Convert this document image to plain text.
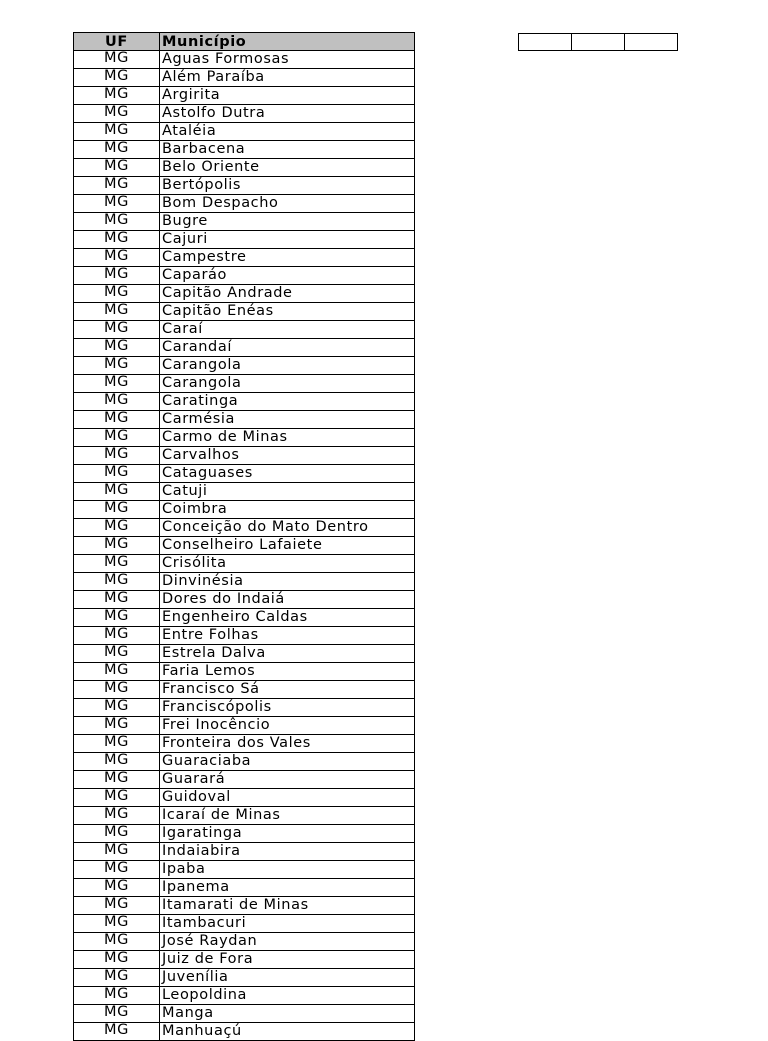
UF	Município
MG	Aguas Formosas
MG	Além Paraíba
MG	Argirita
MG	Astolfo Dutra
MG	Ataléia
MG	Barbacena
MG	Belo Oriente
MG	Bertópolis
MG	Bom Despacho
MG	Bugre
MG	Cajuri
MG	Campestre
MG	Caparáo
MG	Capitão Andrade
MG	Capitão Enéas
MG	Caraí
MG	Carandaí
MG	Carangola
MG	Carangola
MG	Caratinga
MG	Carmésia
MG	Carmo de Minas
MG	Carvalhos
MG	Cataguases
MG	Catuji
MG	Coimbra
MG	Conceição do Mato Dentro
MG	Conselheiro Lafaiete
MG	Crisólita
MG	Dinvinésia
MG	Dores do Indaiá
MG	Engenheiro Caldas
MG	Entre Folhas
MG	Estrela Dalva
MG	Faria Lemos
MG	Francisco Sá
MG	Franciscópolis
MG	Frei Inocêncio
MG	Fronteira dos Vales
MG	Guaraciaba
MG	Guarará
MG	Guidoval
MG	Icaraí de Minas
MG	Igaratinga
MG	Indaiabira
MG	Ipaba
MG	Ipanema
MG	Itamarati de Minas
MG	Itambacuri
MG	José Raydan
MG	Juiz de Fora
MG	Juvenília
MG	Leopoldina
MG	Manga
MG	Manhuaçú
